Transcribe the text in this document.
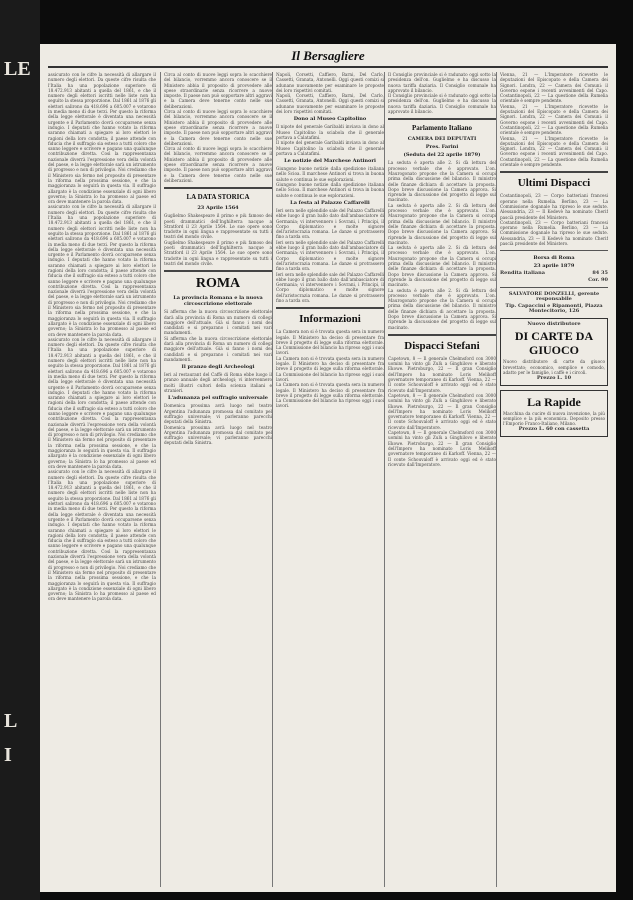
LE
L
I
Il Bersagliere
assicurato con le cifre la necessità di allargare il numero degli elettori. Da queste cifre risulta che l'Italia ha una popolazione superiore di 18.472.913 abitanti a quella del 1861, e che il numero degli elettori iscritti nelle liste non ha seguito la stessa proporzione. Dal 1861 al 1876 gli elettori salirono da 418.696 a 605.007 e votarono in media meno di due terzi. Per questo la riforma della legge elettorale è diventata una necessità urgente e il Parlamento dovrà occuparsene senza indugio. I deputati che hanno votato la riforma saranno chiamati a spiegare ai loro elettori le ragioni della loro condotta; il paese attende con fiducia che il suffragio sia esteso a tutti coloro che sanno leggere e scrivere e pagano una qualunque contribuzione diretta. Così la rappresentanza nazionale diverrà l'espressione vera della volontà del paese, e la legge elettorale sarà un istrumento di progresso e non di privilegio. Noi crediamo che il Ministero sia fermo nel proposito di presentare la riforma nella prossima sessione, e che la maggioranza lo seguirà in questa via. Il suffragio allargato è la condizione essenziale di ogni libero governo; la Sinistra lo ha promesso al paese ed ora deve mantenere la parola data.
assicurato con le cifre la necessità di allargare il numero degli elettori. Da queste cifre risulta che l'Italia ha una popolazione superiore di 18.472.913 abitanti a quella del 1861, e che il numero degli elettori iscritti nelle liste non ha seguito la stessa proporzione. Dal 1861 al 1876 gli elettori salirono da 418.696 a 605.007 e votarono in media meno di due terzi. Per questo la riforma della legge elettorale è diventata una necessità urgente e il Parlamento dovrà occuparsene senza indugio. I deputati che hanno votato la riforma saranno chiamati a spiegare ai loro elettori le ragioni della loro condotta; il paese attende con fiducia che il suffragio sia esteso a tutti coloro che sanno leggere e scrivere e pagano una qualunque contribuzione diretta. Così la rappresentanza nazionale diverrà l'espressione vera della volontà del paese, e la legge elettorale sarà un istrumento di progresso e non di privilegio. Noi crediamo che il Ministero sia fermo nel proposito di presentare la riforma nella prossima sessione, e che la maggioranza lo seguirà in questa via. Il suffragio allargato è la condizione essenziale di ogni libero governo; la Sinistra lo ha promesso al paese ed ora deve mantenere la parola data.
assicurato con le cifre la necessità di allargare il numero degli elettori. Da queste cifre risulta che l'Italia ha una popolazione superiore di 18.472.913 abitanti a quella del 1861, e che il numero degli elettori iscritti nelle liste non ha seguito la stessa proporzione. Dal 1861 al 1876 gli elettori salirono da 418.696 a 605.007 e votarono in media meno di due terzi. Per questo la riforma della legge elettorale è diventata una necessità urgente e il Parlamento dovrà occuparsene senza indugio. I deputati che hanno votato la riforma saranno chiamati a spiegare ai loro elettori le ragioni della loro condotta; il paese attende con fiducia che il suffragio sia esteso a tutti coloro che sanno leggere e scrivere e pagano una qualunque contribuzione diretta. Così la rappresentanza nazionale diverrà l'espressione vera della volontà del paese, e la legge elettorale sarà un istrumento di progresso e non di privilegio. Noi crediamo che il Ministero sia fermo nel proposito di presentare la riforma nella prossima sessione, e che la maggioranza lo seguirà in questa via. Il suffragio allargato è la condizione essenziale di ogni libero governo; la Sinistra lo ha promesso al paese ed ora deve mantenere la parola data.
assicurato con le cifre la necessità di allargare il numero degli elettori. Da queste cifre risulta che l'Italia ha una popolazione superiore di 18.472.913 abitanti a quella del 1861, e che il numero degli elettori iscritti nelle liste non ha seguito la stessa proporzione. Dal 1861 al 1876 gli elettori salirono da 418.696 a 605.007 e votarono in media meno di due terzi. Per questo la riforma della legge elettorale è diventata una necessità urgente e il Parlamento dovrà occuparsene senza indugio. I deputati che hanno votato la riforma saranno chiamati a spiegare ai loro elettori le ragioni della loro condotta; il paese attende con fiducia che il suffragio sia esteso a tutti coloro che sanno leggere e scrivere e pagano una qualunque contribuzione diretta. Così la rappresentanza nazionale diverrà l'espressione vera della volontà del paese, e la legge elettorale sarà un istrumento di progresso e non di privilegio. Noi crediamo che il Ministero sia fermo nel proposito di presentare la riforma nella prossima sessione, e che la maggioranza lo seguirà in questa via. Il suffragio allargato è la condizione essenziale di ogni libero governo; la Sinistra lo ha promesso al paese ed ora deve mantenere la parola data.
Circa al conto di nuove leggi sopra lo scacchiere del bilancio, vorremmo ancora conoscere se il Ministero abbia il proposito di provvedere alle spese straordinarie senza ricorrere a nuove imposte. Il paese non può sopportare altri aggravi e la Camera deve tenerne conto nelle sue deliberazioni.
Circa al conto di nuove leggi sopra lo scacchiere del bilancio, vorremmo ancora conoscere se il Ministero abbia il proposito di provvedere alle spese straordinarie senza ricorrere a nuove imposte. Il paese non può sopportare altri aggravi e la Camera deve tenerne conto nelle sue deliberazioni.
Circa al conto di nuove leggi sopra lo scacchiere del bilancio, vorremmo ancora conoscere se il Ministero abbia il proposito di provvedere alle spese straordinarie senza ricorrere a nuove imposte. Il paese non può sopportare altri aggravi e la Camera deve tenerne conto nelle sue deliberazioni.
LA DATA STORICA
23 Aprile 1564
Guglielmo Shakespeare il primo e più famoso dei poeti drammatici dell'Inghilterra nacque a Stratford il 23 Aprile 1564. Le sue opere sono tradotte in ogni lingua e rappresentate su tutti i teatri del mondo civile.
Guglielmo Shakespeare il primo e più famoso dei poeti drammatici dell'Inghilterra nacque a Stratford il 23 Aprile 1564. Le sue opere sono tradotte in ogni lingua e rappresentate su tutti i teatri del mondo civile.
ROMA
La provincia Romana e la nuova circoscrizione elettorale
Si afferma che la nuova circoscrizione elettorale darà alla provincia di Roma un numero di collegi maggiore dell'attuale. Già si fanno i nomi dei candidati e si preparano i comitati nei vari mandamenti.
Si afferma che la nuova circoscrizione elettorale darà alla provincia di Roma un numero di collegi maggiore dell'attuale. Già si fanno i nomi dei candidati e si preparano i comitati nei vari mandamenti.
Il pranzo degli Archeologi
Ieri al restaurant del Caffè di Roma ebbe luogo il pranzo annuale degli archeologi; vi intervennero molti illustri cultori della scienza italiani e stranieri.
L'adunanza pel suffragio universale
Domenica prossima avrà luogo nel teatro Argentina l'adunanza promossa dal comitato pel suffragio universale; vi parleranno parecchi deputati della Sinistra.
Domenica prossima avrà luogo nel teatro Argentina l'adunanza promossa dal comitato pel suffragio universale; vi parleranno parecchi deputati della Sinistra.
Napoli, Corsetti, Caffiero, Barni, Del Carlo, Cassetti, Granata, Antonelli. Oggi questi comizi si adunano nuovamente per esaminare le proposte dei loro rispettivi comitati.
Napoli, Corsetti, Caffiero, Barni, Del Carlo, Cassetti, Granata, Antonelli. Oggi questi comizi si adunano nuovamente per esaminare le proposte dei loro rispettivi comitati.
Dono al Museo Capitolino
Il nipote del generale Garibaldi inviava in dono al Museo Capitolino la sciabola che il generale portava a Calatafimi.
Il nipote del generale Garibaldi inviava in dono al Museo Capitolino la sciabola che il generale portava a Calatafimi.
Le notizie del Marchese Antinori
Giungono buone notizie dalla spedizione italiana nello Scioa. Il marchese Antinori si trova in buona salute e continua le sue esplorazioni.
Giungono buone notizie dalla spedizione italiana nello Scioa. Il marchese Antinori si trova in buona salute e continua le sue esplorazioni.
La festa al Palazzo Caffarelli
Ieri sera nelle splendide sale del Palazzo Caffarelli ebbe luogo il gran ballo dato dall'ambasciatore di Germania; vi intervennero i Sovrani, i Principi, il Corpo diplomatico e molte signore dell'aristocrazia romana. Le danze si protrassero fino a tarda ora.
Ieri sera nelle splendide sale del Palazzo Caffarelli ebbe luogo il gran ballo dato dall'ambasciatore di Germania; vi intervennero i Sovrani, i Principi, il Corpo diplomatico e molte signore dell'aristocrazia romana. Le danze si protrassero fino a tarda ora.
Ieri sera nelle splendide sale del Palazzo Caffarelli ebbe luogo il gran ballo dato dall'ambasciatore di Germania; vi intervennero i Sovrani, i Principi, il Corpo diplomatico e molte signore dell'aristocrazia romana. Le danze si protrassero fino a tarda ora.
Informazioni
La Camera non si è trovata questa sera in numero legale. Il Ministero ha deciso di presentare fra breve il progetto di legge sulla riforma elettorale. La Commissione del bilancio ha ripreso oggi i suoi lavori.
La Camera non si è trovata questa sera in numero legale. Il Ministero ha deciso di presentare fra breve il progetto di legge sulla riforma elettorale. La Commissione del bilancio ha ripreso oggi i suoi lavori.
La Camera non si è trovata questa sera in numero legale. Il Ministero ha deciso di presentare fra breve il progetto di legge sulla riforma elettorale. La Commissione del bilancio ha ripreso oggi i suoi lavori.
Il Consiglio provinciale si è radunato oggi sotto la presidenza dell'on. Guglielmo e ha discusso la nuova tariffa daziaria. Il Consiglio comunale ha approvato il bilancio.
Il Consiglio provinciale si è radunato oggi sotto la presidenza dell'on. Guglielmo e ha discusso la nuova tariffa daziaria. Il Consiglio comunale ha approvato il bilancio.
Parlamento Italiano
CAMERA DEI DEPUTATI
Pres. Farini
(Seduta del 22 aprile 1879)
La seduta è aperta alle 2. Si dà lettura del processo verbale che è approvato. L'on. Maurogonato propone che la Camera si occupi prima della discussione del bilancio. Il ministro delle finanze dichiara di accettare la proposta. Dopo breve discussione la Camera approva. Si riprende la discussione del progetto di legge sul macinato.
La seduta è aperta alle 2. Si dà lettura del processo verbale che è approvato. L'on. Maurogonato propone che la Camera si occupi prima della discussione del bilancio. Il ministro delle finanze dichiara di accettare la proposta. Dopo breve discussione la Camera approva. Si riprende la discussione del progetto di legge sul macinato.
La seduta è aperta alle 2. Si dà lettura del processo verbale che è approvato. L'on. Maurogonato propone che la Camera si occupi prima della discussione del bilancio. Il ministro delle finanze dichiara di accettare la proposta. Dopo breve discussione la Camera approva. Si riprende la discussione del progetto di legge sul macinato.
La seduta è aperta alle 2. Si dà lettura del processo verbale che è approvato. L'on. Maurogonato propone che la Camera si occupi prima della discussione del bilancio. Il ministro delle finanze dichiara di accettare la proposta. Dopo breve discussione la Camera approva. Si riprende la discussione del progetto di legge sul macinato.
Dispacci Stefani
Capetown, 8 — Il generale Chelmsford con 3000 uomini ha vinto gli Zulù a Ginghilovo e liberato Ekowe. Pietroburgo, 22 — Il gran Consiglio dell'Impero ha nominato Loris Melikoff governatore temporaneo di Karkoff. Vienna, 22 — Il conte Schouvaloff è arrivato oggi ed è stato ricevuto dall'Imperatore.
Capetown, 8 — Il generale Chelmsford con 3000 uomini ha vinto gli Zulù a Ginghilovo e liberato Ekowe. Pietroburgo, 22 — Il gran Consiglio dell'Impero ha nominato Loris Melikoff governatore temporaneo di Karkoff. Vienna, 22 — Il conte Schouvaloff è arrivato oggi ed è stato ricevuto dall'Imperatore.
Capetown, 8 — Il generale Chelmsford con 3000 uomini ha vinto gli Zulù a Ginghilovo e liberato Ekowe. Pietroburgo, 22 — Il gran Consiglio dell'Impero ha nominato Loris Melikoff governatore temporaneo di Karkoff. Vienna, 22 — Il conte Schouvaloff è arrivato oggi ed è stato ricevuto dall'Imperatore.
Vienna, 21 — L'Imperatore ricevette le deputazioni del Episcopato e della Camera dei Signori. Londra, 22 — Camera dei Comuni: il Governo espone i recenti avvenimenti del Capo. Costantinopoli, 22 — La questione della Rumelia orientale è sempre pendente.
Vienna, 21 — L'Imperatore ricevette le deputazioni del Episcopato e della Camera dei Signori. Londra, 22 — Camera dei Comuni: il Governo espone i recenti avvenimenti del Capo. Costantinopoli, 22 — La questione della Rumelia orientale è sempre pendente.
Vienna, 21 — L'Imperatore ricevette le deputazioni del Episcopato e della Camera dei Signori. Londra, 22 — Camera dei Comuni: il Governo espone i recenti avvenimenti del Capo. Costantinopoli, 22 — La questione della Rumelia orientale è sempre pendente.
Ultimi Dispacci
Costantinopoli, 23 — Corpo batteriani francesi operano nella Rumelia. Berlino, 23 — La Commissione doganale ha ripreso le sue sedute. Alessandria, 23 — Il Kedevè ha nominato Cherif pascià presidente del Ministero.
Costantinopoli, 23 — Corpo batteriani francesi operano nella Rumelia. Berlino, 23 — La Commissione doganale ha ripreso le sue sedute. Alessandria, 23 — Il Kedevè ha nominato Cherif pascià presidente del Ministero.
Borsa di Roma
23 aprile 1879
Rendita italiana	84 35
Cor. 90
SALVATORE DONZELLI, gerente responsabile
Tip. Capaccini e Ripamonti, Piazza Montecitorio, 126
Nuovo distributore
DI CARTE DA GIUOCO
Nuovo distributore di carte da giuoco brevettato; economico, semplice e comodo, adatto per le famiglie, i caffè e i circoli.
Prezzo L. 10
La Rapide
Macchina da cucire di nuova invenzione, la più semplice e la più economica. Deposito presso l'Emporio Franco-Italiano, Milano.
Prezzo L. 60 con cassetta
